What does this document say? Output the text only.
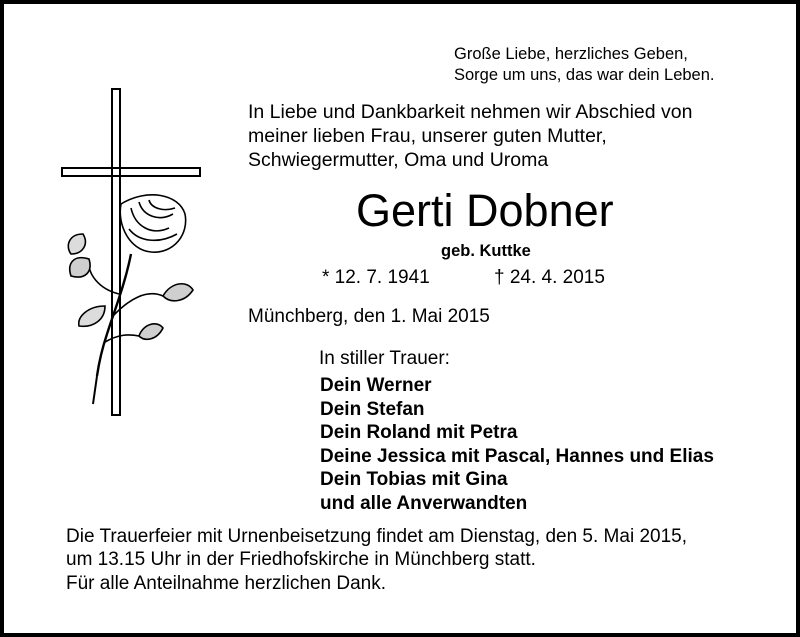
Große Liebe, herzliches Geben,
Sorge um uns, das war dein Leben.
In Liebe und Dankbarkeit nehmen wir Abschied von
meiner lieben Frau, unserer guten Mutter,
Schwiegermutter, Oma und Uroma
Gerti Dobner
geb. Kuttke
* 12. 7. 1941	† 24. 4. 2015
Münchberg, den 1. Mai 2015
In stiller Trauer:
Dein Werner
Dein Stefan
Dein Roland mit Petra
Deine Jessica mit Pascal, Hannes und Elias
Dein Tobias mit Gina
und alle Anverwandten
Die Trauerfeier mit Urnenbeisetzung findet am Dienstag, den 5. Mai 2015,
um 13.15 Uhr in der Friedhofskirche in Münchberg statt.
Für alle Anteilnahme herzlichen Dank.
